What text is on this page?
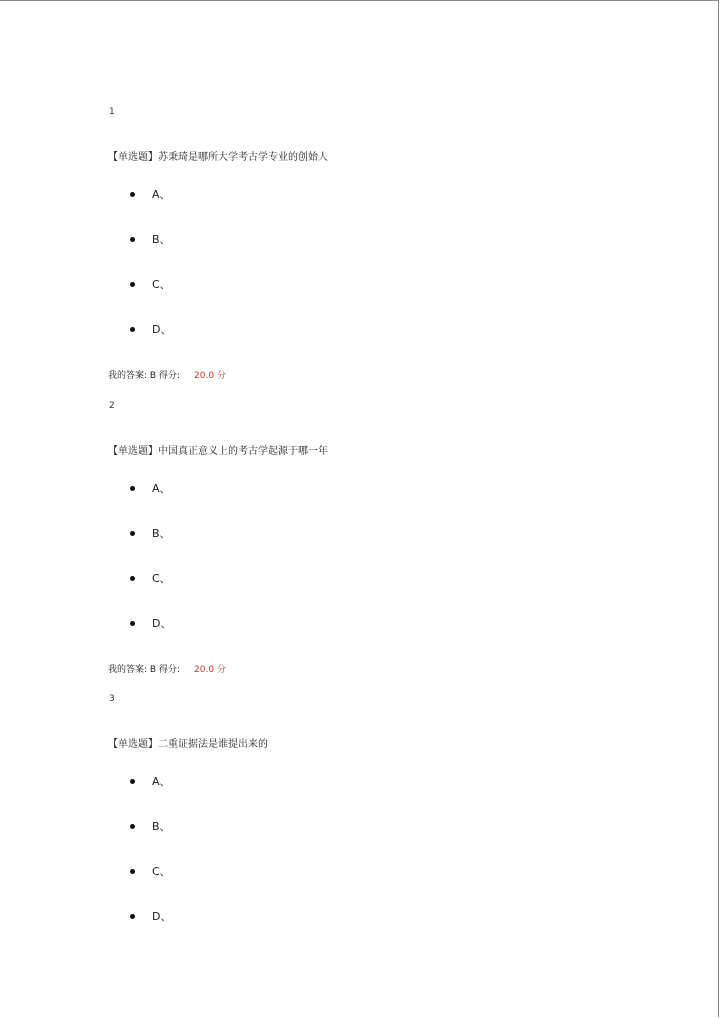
1
【单选题】苏秉琦是哪所大学考古学专业的创始人
A、
B、
C、
D、
我的答案: B 得分: 20.0 分
2
【单选题】中国真正意义上的考古学起源于哪一年
A、
B、
C、
D、
我的答案: B 得分: 20.0 分
3
【单选题】二重证据法是谁提出来的
A、
B、
C、
D、
